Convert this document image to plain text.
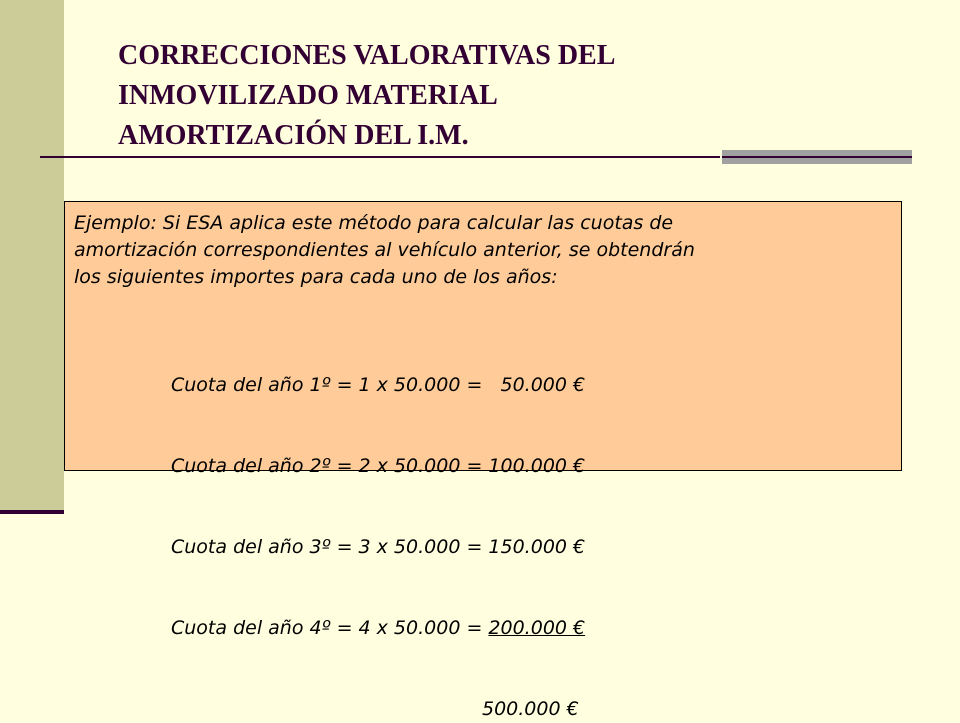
CORRECCIONES VALORATIVAS DEL
INMOVILIZADO MATERIAL
AMORTIZACIÓN DEL I.M.
Ejemplo: Si ESA aplica este método para calcular las cuotas de
amortización correspondientes al vehículo anterior, se obtendrán
los siguientes importes para cada uno de los años:

Cuota del año 1º = 1 x 50.000 =   50.000 €

Cuota del año 2º = 2 x 50.000 = 100.000 €

Cuota del año 3º = 3 x 50.000 = 150.000 €

Cuota del año 4º = 4 x 50.000 = 200.000 €

500.000 €
